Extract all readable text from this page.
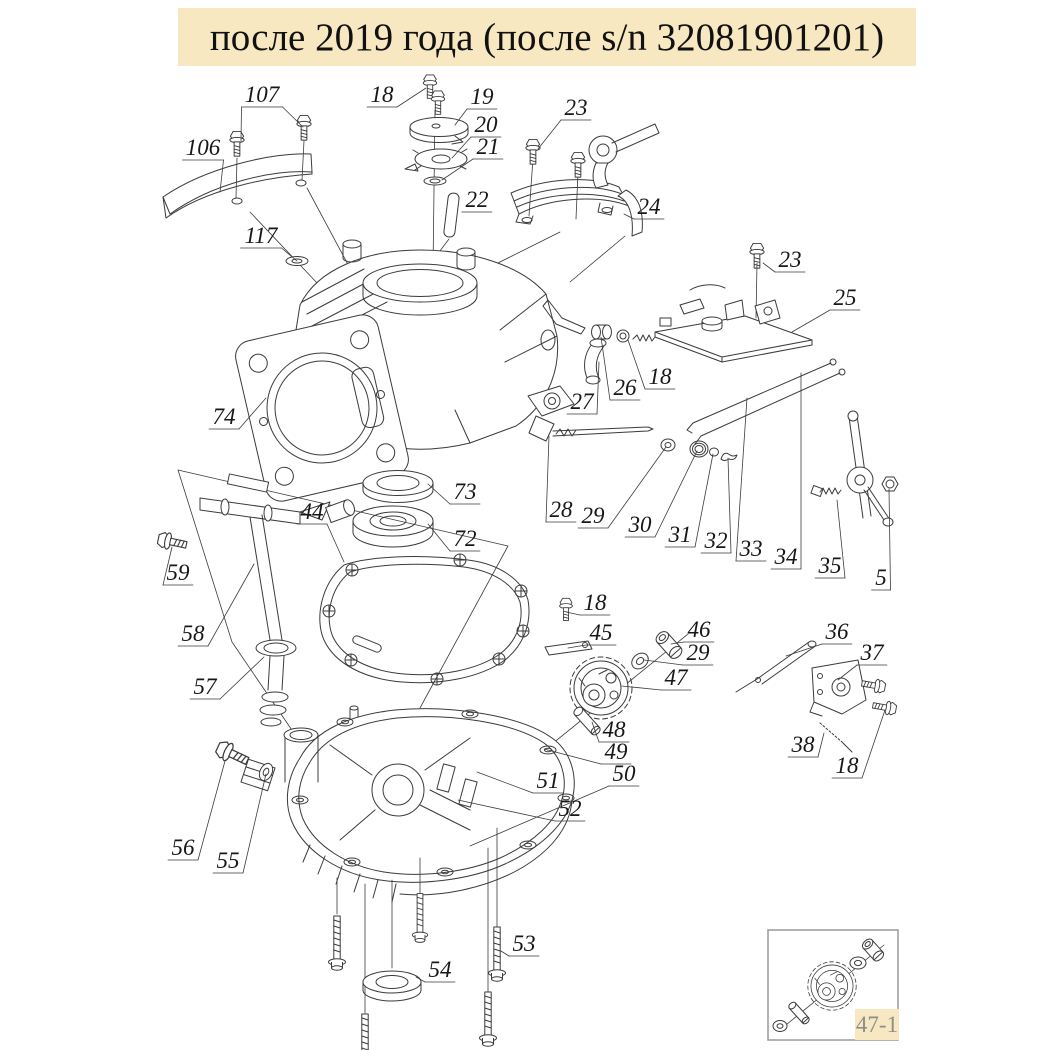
после 2019 года (после s/n 32081901201)
107	18	19
20
21
106
23
22	24
117
23
25
18
26
27
74
73
72
44	28 29 30 31 32 33 34 35 5
59
58
57
18
45	46
29
47
36
37
48
49
50
51
52
38
18
56
55
53
54
47-1
